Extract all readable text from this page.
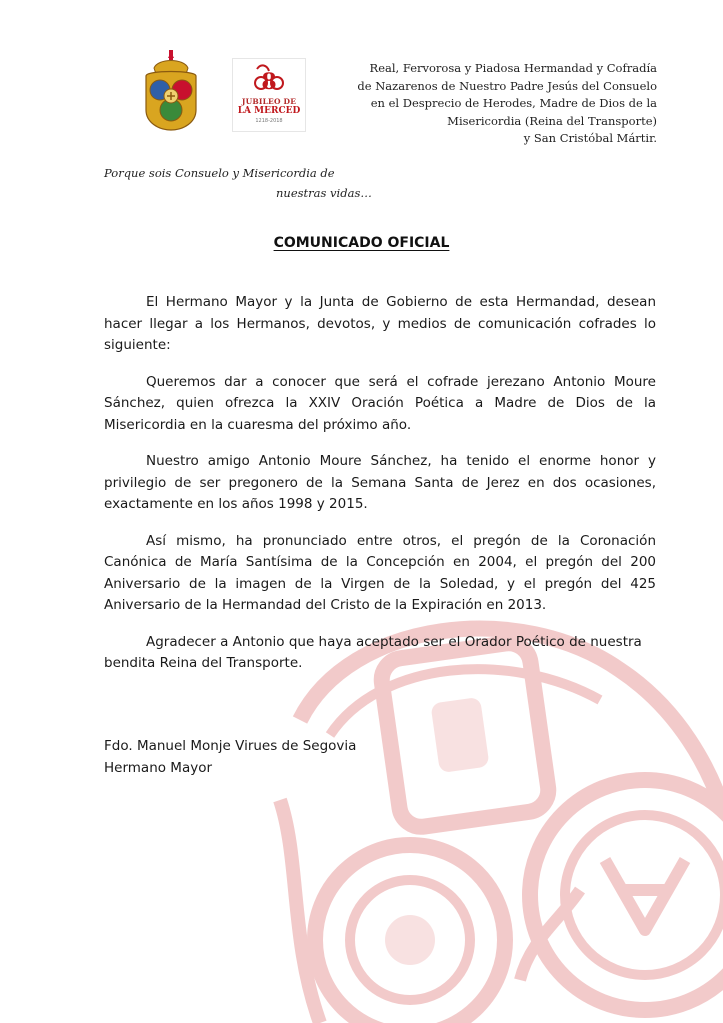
8
JUBILEO DE
LA MERCED
1218-2018
Real, Fervorosa y Piadosa Hermandad y Cofradía
de Nazarenos de Nuestro Padre Jesús del Consuelo
en el Desprecio de Herodes, Madre de Dios de la
Misericordia (Reina del Transporte)
y San Cristóbal Mártir.
Porque sois Consuelo y Misericordia de
nuestras vidas…
COMUNICADO OFICIAL

El Hermano Mayor y la Junta de Gobierno de esta Hermandad, desean hacer llegar a los Hermanos, devotos, y medios de comunicación cofrades lo siguiente:

Queremos dar a conocer que será el cofrade jerezano Antonio Moure Sánchez, quien ofrezca la XXIV Oración Poética a Madre de Dios de la Misericordia en la cuaresma del próximo año.

Nuestro amigo Antonio Moure Sánchez, ha tenido el enorme honor y privilegio de ser pregonero de la Semana Santa de Jerez en dos ocasiones, exactamente en los años 1998 y 2015.

Así mismo, ha pronunciado entre otros, el pregón de la Coronación Canónica de María Santísima de la Concepción en 2004, el pregón del 200 Aniversario de la imagen de la Virgen de la Soledad, y el pregón del 425 Aniversario de la Hermandad del Cristo de la Expiración en 2013.

Agradecer a Antonio que haya aceptado ser el Orador Poético de nuestra bendita Reina del Transporte.

Fdo. Manuel Monje Virues de Segovia
Hermano Mayor
